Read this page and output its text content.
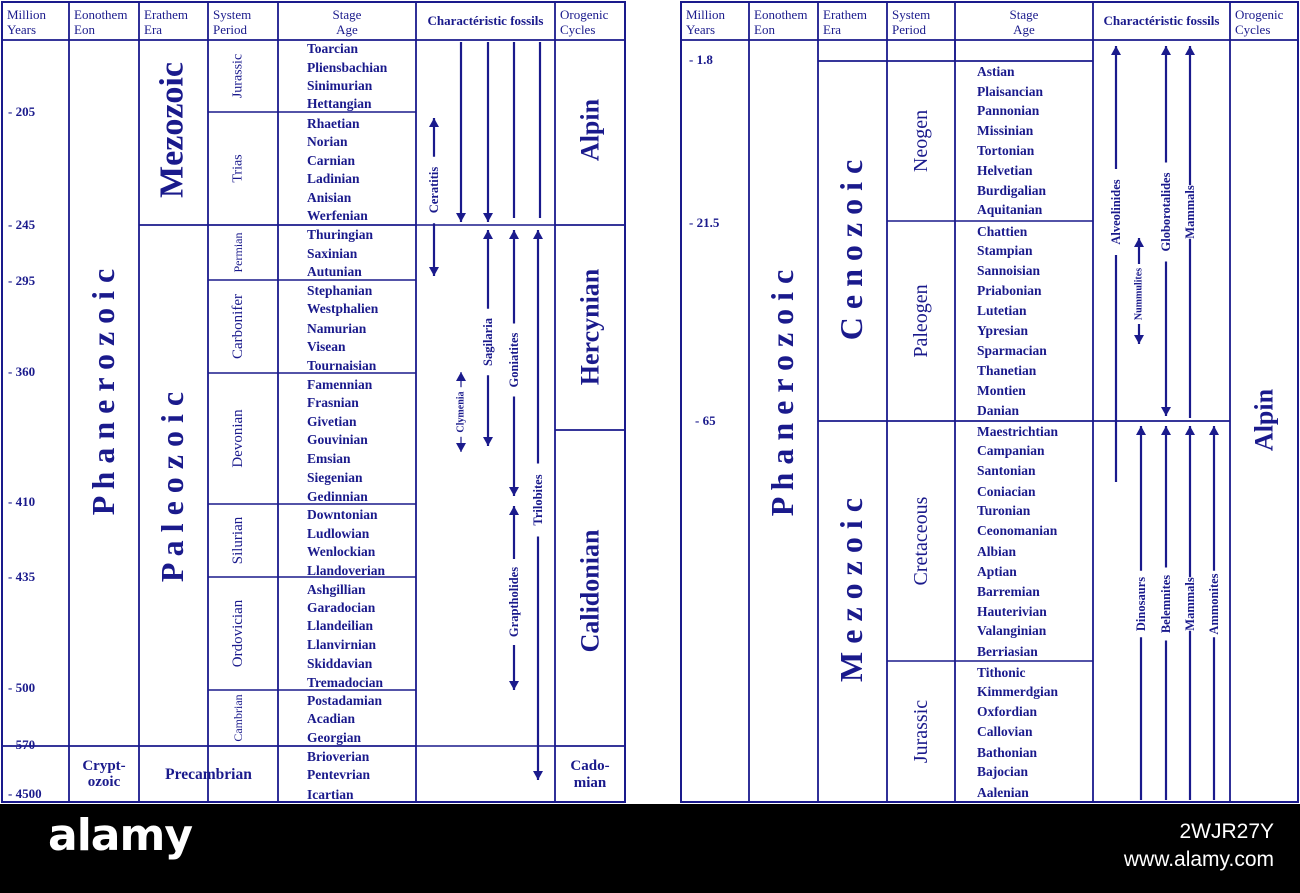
Million
Years
Eonothem
Eon
Erathem
Era
System
Period
Stage
Age
Charactéristic fossils Orogenic
Cycles
- 205
- 245
- 295
- 360
- 410
- 435
- 500
- 570
- 4500
P h a n e r o z o i c
Crypt-
ozoic
Mezozoic
P a l e o z o i c
Precambrian
Jurassic
Trias
Permian
Carbonifer
Devonian
Silurian
Ordovician
Cambrian
Toarcian
Pliensbachian
Sinimurian
Hettangian
Rhaetian
Norian
Carnian
Ladinian
Anisian
Werfenian
Thuringian
Saxinian
Autunian
Stephanian
Westphalien
Namurian
Visean
Tournaisian
Famennian
Frasnian
Givetian
Gouvinian
Emsian
Siegenian
Gedinnian
Downtonian
Ludlowian
Wenlockian
Llandoverian
Ashgillian
Garadocian
Llandeilian
Llanvirnian
Skiddavian
Tremadocian
Postadamian
Acadian
Georgian
Brioverian
Pentevrian
Icartian
Ceratitis
Sagilaria Goniatites
Clymenia
Trilobites
Graptholides
Alpin
Hercynian
Calidonian
Cado-
mian
Million
Years
Eonothem
Eon
Erathem
Era
System
Period
Stage
Age
Charactéristic fossils Orogenic
Cycles
- 1.8
- 21.5
- 65 P h a n e r o z o i c
C e n o z o i c
M e z o z o i c
Neogen
Paleogen
Cretaceous
Jurassic
Astian
Plaisancian
Pannonian
Missinian
Tortonian
Helvetian
Burdigalian
Aquitanian
Chattien
Stampian
Sannoisian
Priabonian
Lutetian
Ypresian
Sparmacian
Thanetian
Montien
Danian
Maestrichtian
Campanian
Santonian
Coniacian
Turonian
Ceonomanian
Albian
Aptian
Barremian
Hauterivian
Valanginian
Berriasian
Tithonic
Kimmerdgian
Oxfordian
Callovian
Bathonian
Bajocian
Aalenian
Alveolinides
Nummulites
Globorotalides Mammals
Dinosaurs Belemnites Mammals Ammonites
Alpin
alamy	2WJR27Y
www.alamy.com
